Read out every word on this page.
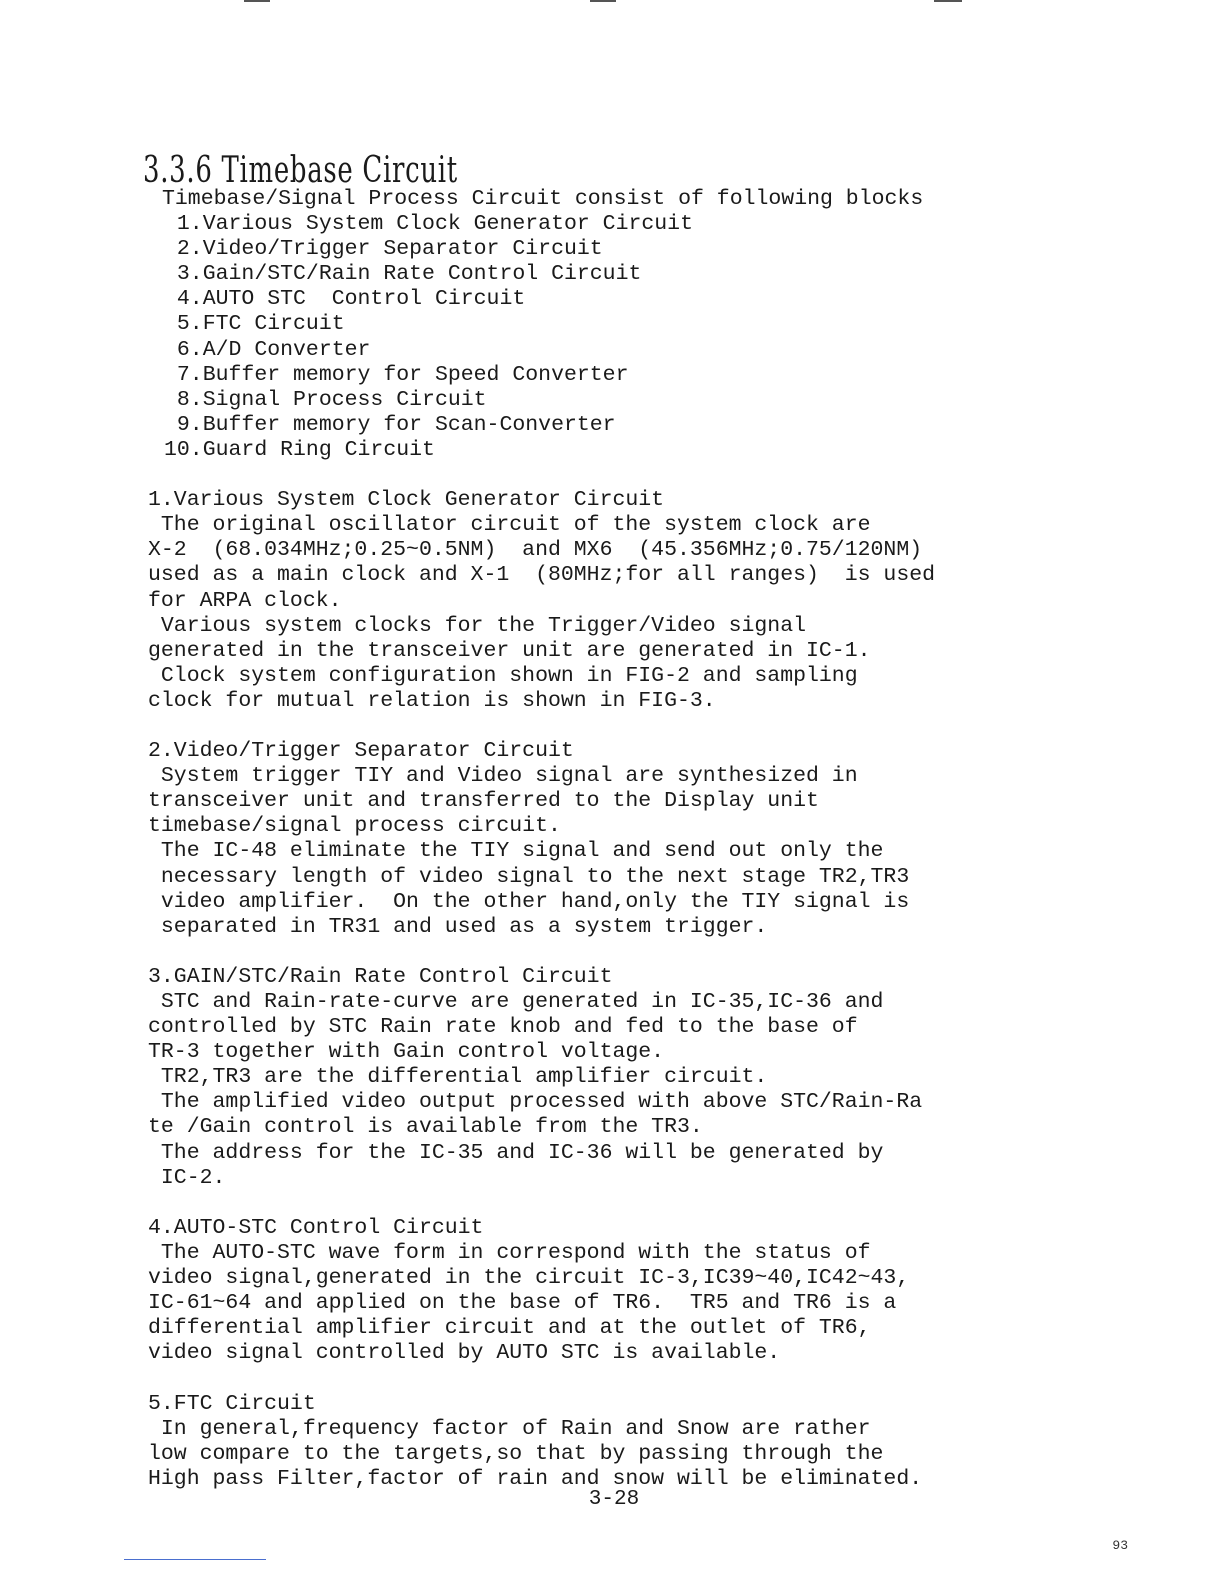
3.3.6 Timebase Circuit
Timebase/Signal Process Circuit consist of following blocks
1.Various System Clock Generator Circuit
2.Video/Trigger Separator Circuit
3.Gain/STC/Rain Rate Control Circuit
4.AUTO STC  Control Circuit
5.FTC Circuit
6.A/D Converter
7.Buffer memory for Speed Converter
8.Signal Process Circuit
9.Buffer memory for Scan-Converter
10.Guard Ring Circuit
1.Various System Clock Generator Circuit
The original oscillator circuit of the system clock are
X-2  (68.034MHz;0.25~0.5NM)  and MX6  (45.356MHz;0.75/120NM)
used as a main clock and X-1  (80MHz;for all ranges)  is used
for ARPA clock.
Various system clocks for the Trigger/Video signal
generated in the transceiver unit are generated in IC-1.
Clock system configuration shown in FIG-2 and sampling
clock for mutual relation is shown in FIG-3.
2.Video/Trigger Separator Circuit
System trigger TIY and Video signal are synthesized in
transceiver unit and transferred to the Display unit
timebase/signal process circuit.
The IC-48 eliminate the TIY signal and send out only the
necessary length of video signal to the next stage TR2,TR3
video amplifier.  On the other hand,only the TIY signal is
separated in TR31 and used as a system trigger.
3.GAIN/STC/Rain Rate Control Circuit
STC and Rain-rate-curve are generated in IC-35,IC-36 and
controlled by STC Rain rate knob and fed to the base of
TR-3 together with Gain control voltage.
TR2,TR3 are the differential amplifier circuit.
The amplified video output processed with above STC/Rain-Ra
te /Gain control is available from the TR3.
The address for the IC-35 and IC-36 will be generated by
IC-2.
4.AUTO-STC Control Circuit
The AUTO-STC wave form in correspond with the status of
video signal,generated in the circuit IC-3,IC39~40,IC42~43,
IC-61~64 and applied on the base of TR6.  TR5 and TR6 is a
differential amplifier circuit and at the outlet of TR6,
video signal controlled by AUTO STC is available.
5.FTC Circuit
In general,frequency factor of Rain and Snow are rather
low compare to the targets,so that by passing through the
High pass Filter,factor of rain and snow will be eliminated.
3-28
93
